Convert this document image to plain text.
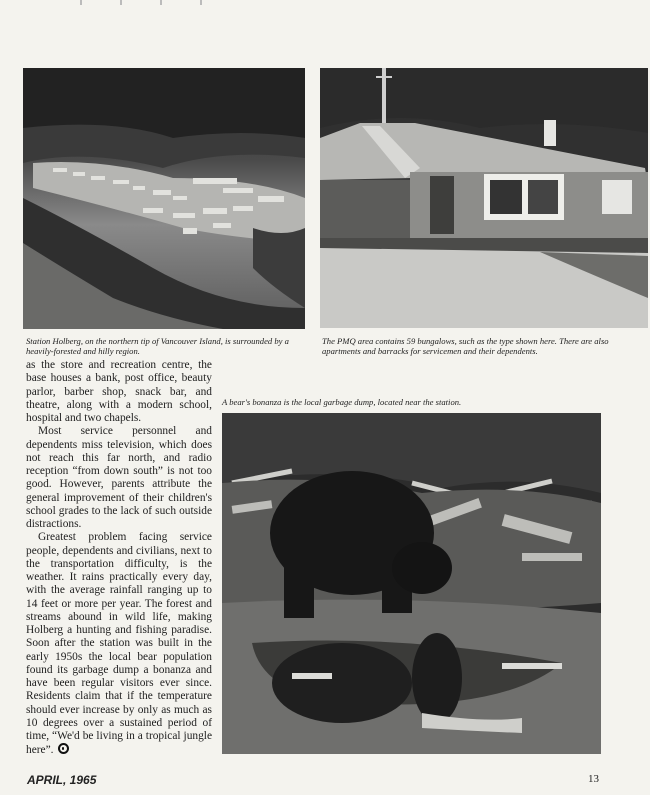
Station Holberg, on the northern tip of Vancouver Island, is surrounded by a heavily-forested and hilly region.
The PMQ area contains 59 bungalows, such as the type shown here. There are also apartments and barracks for servicemen and their dependents.
A bear's bonanza is the local garbage dump, located near the station.

as the store and recreation centre, the base houses a bank, post office, beauty parlor, barber shop, snack bar, and theatre, along with a modern school, hospital and two chapels.

Most service personnel and dependents miss television, which does not reach this far north, and radio reception “from down south” is not too good. However, parents attribute the general improvement of their children's school grades to the lack of such outside distractions.

Greatest problem facing service people, dependents and civilians, next to the transportation difficulty, is the weather. It rains practically every day, with the average rainfall ranging up to 14 feet or more per year. The forest and streams abound in wild life, making Holberg a hunting and fishing paradise. Soon after the station was built in the early 1950s the local bear population found its garbage dump a bonanza and have been regular visitors ever since. Residents claim that if the temperature should ever increase by only as much as 10 degrees over a sustained period of time, “We'd be living in a tropical jungle here”.

APRIL, 1965	13
